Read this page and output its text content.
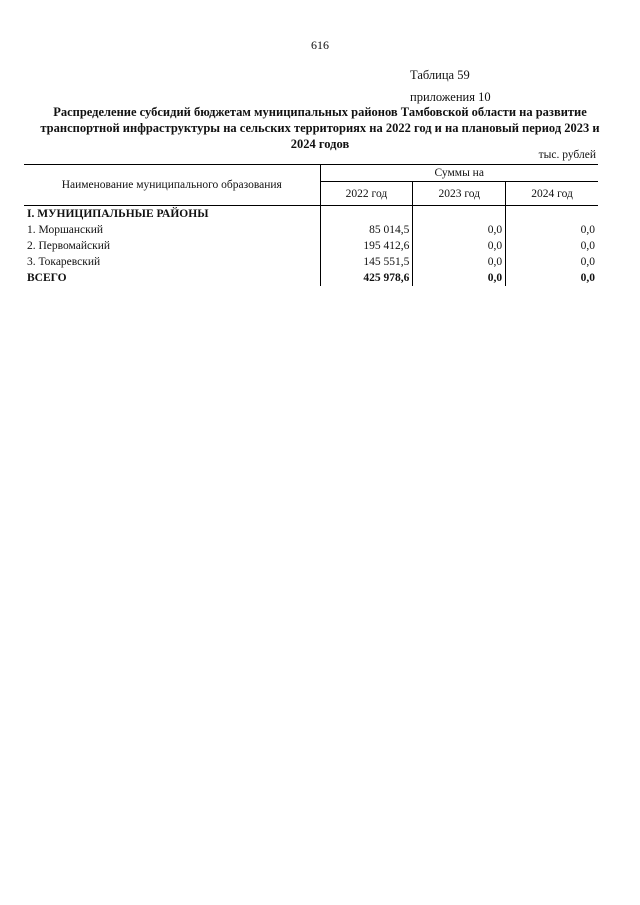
616
Таблица 59
приложения 10
Распределение субсидий бюджетам муниципальных районов Тамбовской области на развитие транспортной инфраструктуры на сельских территориях на 2022 год и на плановый период 2023 и 2024 годов
тыс. рублей
Наименование муниципального образования	Суммы на		
	2022 год	2023 год	2024 год
I. МУНИЦИПАЛЬНЫЕ РАЙОНЫ			
1. Моршанский	85 014,5	0,0	0,0
2. Первомайский	195 412,6	0,0	0,0
3. Токаревский	145 551,5	0,0	0,0
ВСЕГО	425 978,6	0,0	0,0
